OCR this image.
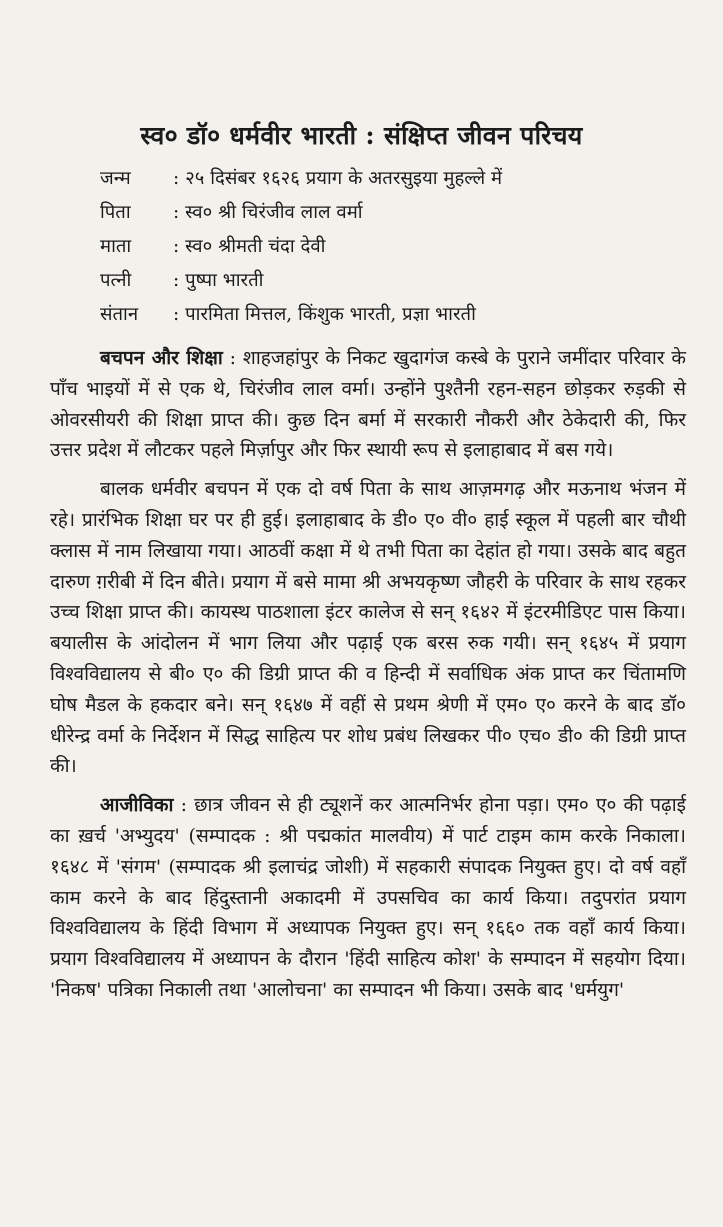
स्व० डॉ० धर्मवीर भारती : संक्षिप्त जीवन परिचय
जन्म	: २५ दिसंबर १६२६ प्रयाग के अतरसुइया मुहल्ले में
पिता	: स्व० श्री चिरंजीव लाल वर्मा
माता	: स्व० श्रीमती चंदा देवी
पत्नी	: पुष्पा भारती
संतान	: पारमिता मित्तल, किंशुक भारती, प्रज्ञा भारती

बचपन और शिक्षा : शाहजहांपुर के निकट खुदागंज कस्बे के पुराने जमींदार परिवार के पाँच भाइयों में से एक थे, चिरंजीव लाल वर्मा। उन्होंने पुश्तैनी रहन-सहन छोड़कर रुड़की से ओवरसीयरी की शिक्षा प्राप्त की। कुछ दिन बर्मा में सरकारी नौकरी और ठेकेदारी की, फिर उत्तर प्रदेश में लौटकर पहले मिर्ज़ापुर और फिर स्थायी रूप से इलाहाबाद में बस गये।

बालक धर्मवीर बचपन में एक दो वर्ष पिता के साथ आज़मगढ़ और मऊनाथ भंजन में रहे। प्रारंभिक शिक्षा घर पर ही हुई। इलाहाबाद के डी० ए० वी० हाई स्कूल में पहली बार चौथी क्लास में नाम लिखाया गया। आठवीं कक्षा में थे तभी पिता का देहांत हो गया। उसके बाद बहुत दारुण ग़रीबी में दिन बीते। प्रयाग में बसे मामा श्री अभयकृष्ण जौहरी के परिवार के साथ रहकर उच्च शिक्षा प्राप्त की। कायस्थ पाठशाला इंटर कालेज से सन् १६४२ में इंटरमीडिएट पास किया। बयालीस के आंदोलन में भाग लिया और पढ़ाई एक बरस रुक गयी। सन् १६४५ में प्रयाग विश्वविद्यालय से बी० ए० की डिग्री प्राप्त की व हिन्दी में सर्वाधिक अंक प्राप्त कर चिंतामणि घोष मैडल के हकदार बने। सन् १६४७ में वहीं से प्रथम श्रेणी में एम० ए० करने के बाद डॉ० धीरेन्द्र वर्मा के निर्देशन में सिद्ध साहित्य पर शोध प्रबंध लिखकर पी० एच० डी० की डिग्री प्राप्त की।

आजीविका : छात्र जीवन से ही ट्यूशनें कर आत्मनिर्भर होना पड़ा। एम० ए० की पढ़ाई का ख़र्च 'अभ्युदय' (सम्पादक : श्री पद्मकांत मालवीय) में पार्ट टाइम काम करके निकाला। १६४८ में 'संगम' (सम्पादक श्री इलाचंद्र जोशी) में सहकारी संपादक नियुक्त हुए। दो वर्ष वहाँ काम करने के बाद हिंदुस्तानी अकादमी में उपसचिव का कार्य किया। तदुपरांत प्रयाग विश्वविद्यालय के हिंदी विभाग में अध्यापक नियुक्त हुए। सन् १६६० तक वहाँ कार्य किया। प्रयाग विश्वविद्यालय में अध्यापन के दौरान 'हिंदी साहित्य कोश' के सम्पादन में सहयोग दिया। 'निकष' पत्रिका निकाली तथा 'आलोचना' का सम्पादन भी किया। उसके बाद 'धर्मयुग'
